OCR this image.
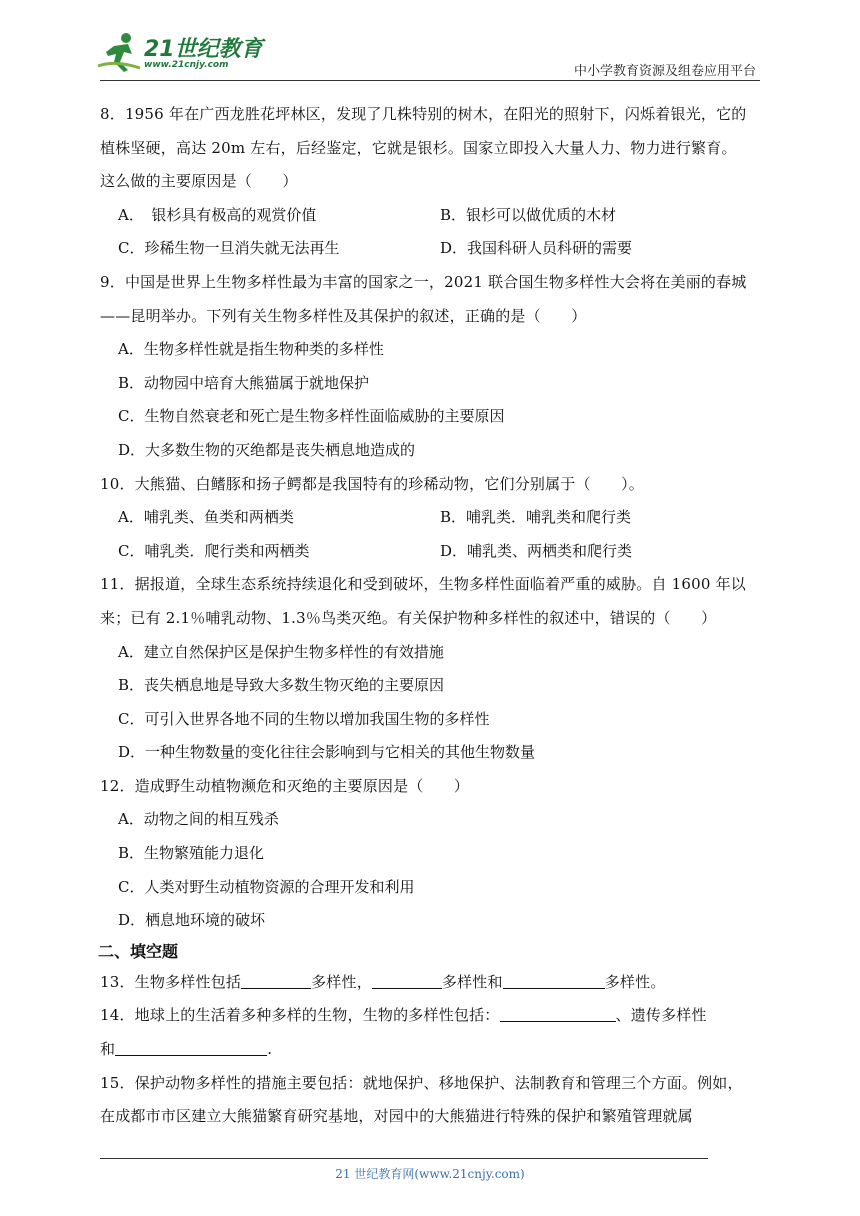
21世纪教育
www.21cnjy.com	中小学教育资源及组卷应用平台
8．1956 年在广西龙胜花坪林区，发现了几株特别的树木，在阳光的照射下，闪烁着银光，它的
植株坚硬，高达 20m 左右，后经鉴定，它就是银杉。国家立即投入大量人力、物力进行繁育。
这么做的主要原因是（　　）
A．　银杉具有极高的观赏价值	B．银杉可以做优质的木材
C．珍稀生物一旦消失就无法再生	D．我国科研人员科研的需要
9．中国是世界上生物多样性最为丰富的国家之一，2021 联合国生物多样性大会将在美丽的春城
——昆明举办。下列有关生物多样性及其保护的叙述，正确的是（　　）
A．生物多样性就是指生物种类的多样性
B．动物园中培育大熊猫属于就地保护
C．生物自然衰老和死亡是生物多样性面临威胁的主要原因
D．大多数生物的灭绝都是丧失栖息地造成的
10．大熊猫、白鳍豚和扬子鳄都是我国特有的珍稀动物，它们分别属于（　　）。
A．哺乳类、鱼类和两栖类	B．哺乳类．哺乳类和爬行类
C．哺乳类．爬行类和两栖类	D．哺乳类、两栖类和爬行类
11．据报道，全球生态系统持续退化和受到破坏，生物多样性面临着严重的威胁。自 1600 年以
来；已有 2.1％哺乳动物、1.3％鸟类灭绝。有关保护物种多样性的叙述中，错误的（　　）
A．建立自然保护区是保护生物多样性的有效措施
B．丧失栖息地是导致大多数生物灭绝的主要原因
C．可引入世界各地不同的生物以增加我国生物的多样性
D．一种生物数量的变化往往会影响到与它相关的其他生物数量
12．造成野生动植物濒危和灭绝的主要原因是（　　）
A．动物之间的相互残杀
B．生物繁殖能力退化
C．人类对野生动植物资源的合理开发和利用
D．栖息地环境的破坏
二、填空题
13．生物多样性包括	多样性，	多样性和	多样性。
14．地球上的生活着多种多样的生物，生物的多样性包括：	、遗传多样性
和	.
15．保护动物多样性的措施主要包括：就地保护、移地保护、法制教育和管理三个方面。例如，
在成都市市区建立大熊猫繁育研究基地，对园中的大熊猫进行特殊的保护和繁殖管理就属
21 世纪教育网(www.21cnjy.com)
